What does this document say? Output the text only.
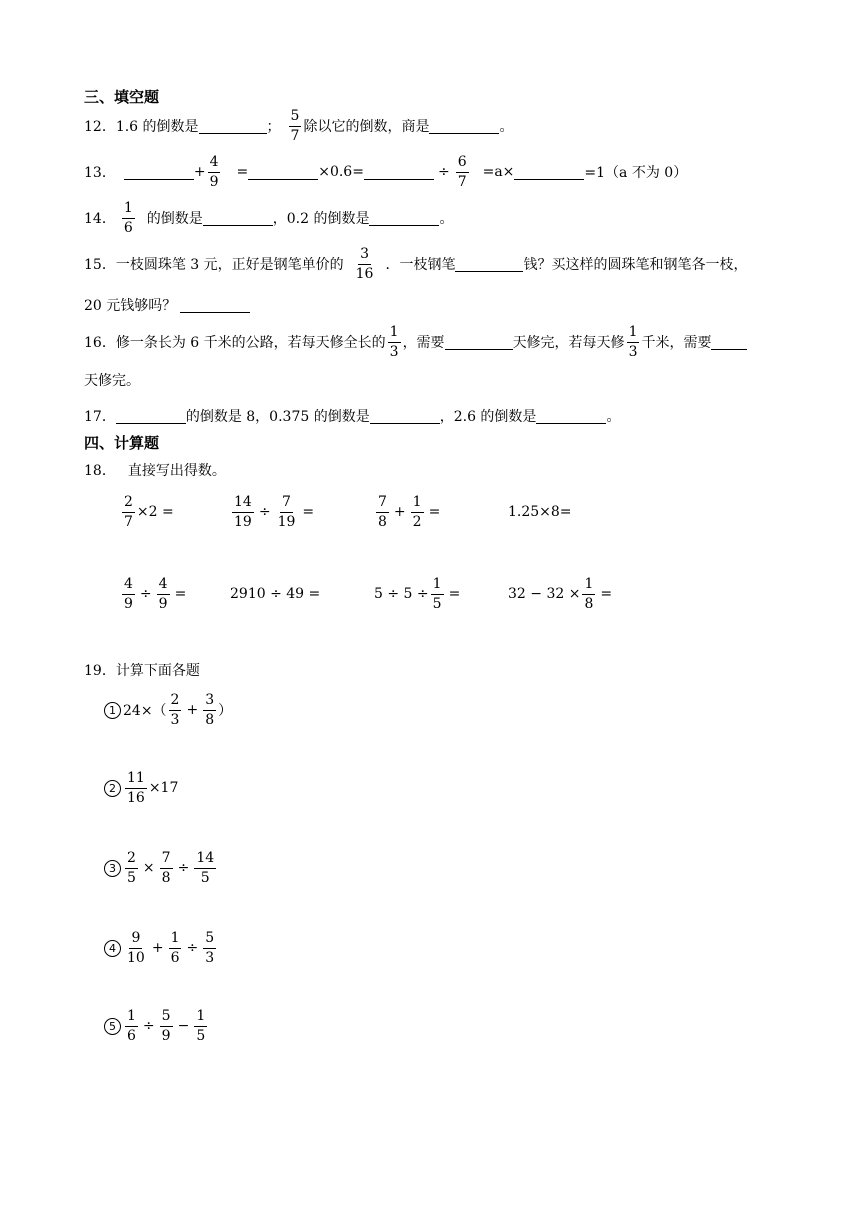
三、填空题
12． 1.6 的倒数是	； $\frac{5}{7}$ 除以它的倒数，商是	。
13．	+ $\frac{4}{9}$ =	×0.6=	÷ $\frac{6}{7} =a\times$	=1（a 不为 0）
14． $\frac{1}{6}$ 的倒数是	，0.2 的倒数是	。
15． 一枝圆珠笔 3 元，正好是钢笔单价的 $\frac{3}{16}$ ．一枝钢笔	钱？买这样的圆珠笔和钢笔各一枝，
20 元钱够吗？
16． 修一条长为 6 千米的公路，若每天修全长的 $\frac{1}{3}$ ，需要	天修完，若每天修 $\frac{1}{3}$ 千米，需要
天修完。
17．	的倒数是 8，0.375 的倒数是	，2.6 的倒数是	。
四、计算题
18． 直接写出得数。
$\frac{2}{7} \times 2$ =	$\frac{14}{19} \div \frac{7}{19}$ =	$\frac{7}{8} + \frac{1}{2}$ =	1.25×8=
$\frac{4}{9} \div \frac{4}{9}$ =	2910 ÷ 49 =	$5 \div 5 \div \frac{1}{5}$ =	$32 - 32 \times \frac{1}{8}$ =
19． 计算下面各题
1 $24\times( \frac{2}{3} + \frac{3}{8}$ ）
$2 \frac{11}{16} \times 17$
$3 \frac{2}{5} \times \frac{7}{8} \div \frac{14}{5}$
$4 \frac{9}{10} + \frac{1}{6} \div \frac{5}{3}$
$5 \frac{1}{6} \div \frac{5}{9} - \frac{1}{5}$
